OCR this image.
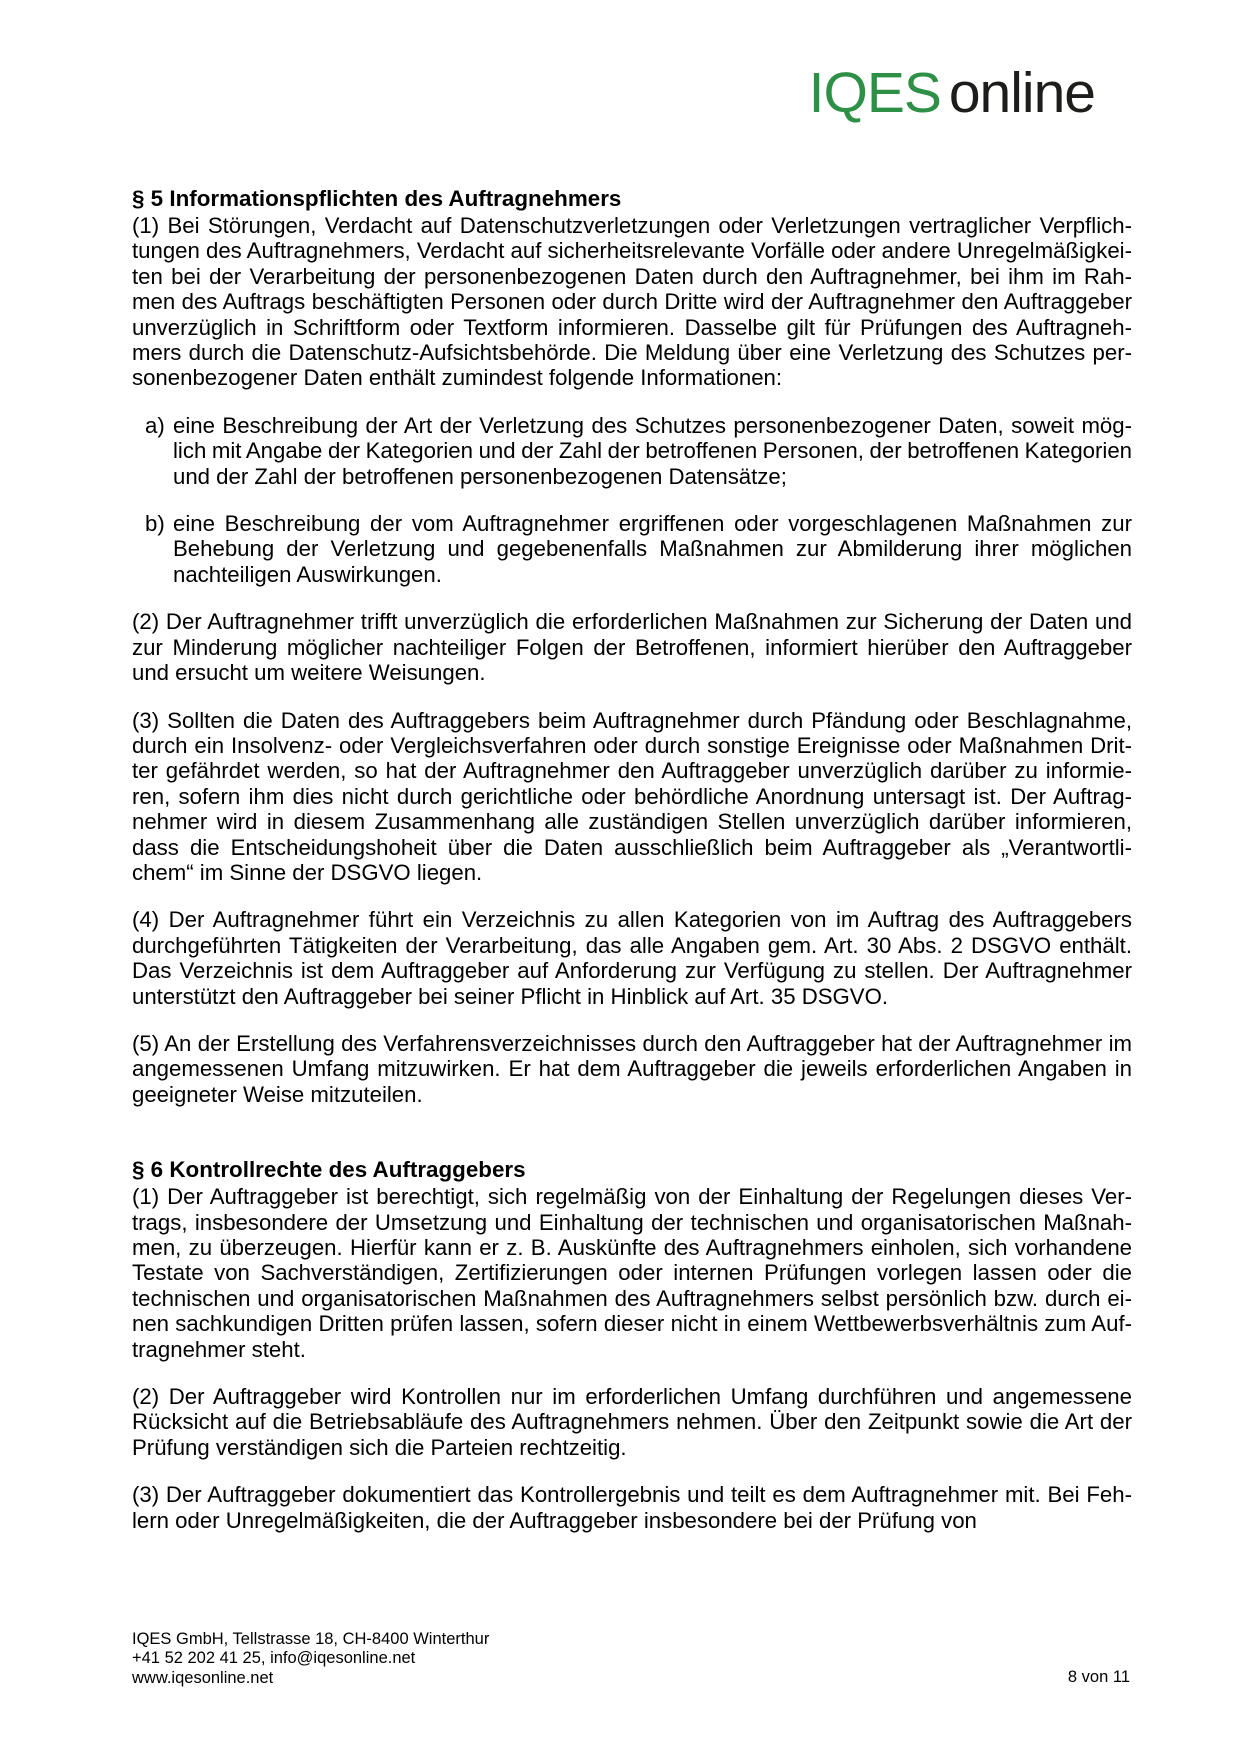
IQES online
§ 5 Informationspflichten des Auftragnehmers
(1) Bei Störungen, Verdacht auf Datenschutzverletzungen oder Verletzungen vertraglicher Verpflich-
tungen des Auftragnehmers, Verdacht auf sicherheitsrelevante Vorfälle oder andere Unregelmäßigkei-
ten bei der Verarbeitung der personenbezogenen Daten durch den Auftragnehmer, bei ihm im Rah-
men des Auftrags beschäftigten Personen oder durch Dritte wird der Auftragnehmer den Auftraggeber
unverzüglich in Schriftform oder Textform informieren. Dasselbe gilt für Prüfungen des Auftragneh-
mers durch die Datenschutz-Aufsichtsbehörde. Die Meldung über eine Verletzung des Schutzes per-
sonenbezogener Daten enthält zumindest folgende Informationen:
a) eine Beschreibung der Art der Verletzung des Schutzes personenbezogener Daten, soweit mög-
lich mit Angabe der Kategorien und der Zahl der betroffenen Personen, der betroffenen Kategorien
und der Zahl der betroffenen personenbezogenen Datensätze;
b) eine Beschreibung der vom Auftragnehmer ergriffenen oder vorgeschlagenen Maßnahmen zur
Behebung der Verletzung und gegebenenfalls Maßnahmen zur Abmilderung ihrer möglichen
nachteiligen Auswirkungen.
(2) Der Auftragnehmer trifft unverzüglich die erforderlichen Maßnahmen zur Sicherung der Daten und
zur Minderung möglicher nachteiliger Folgen der Betroffenen, informiert hierüber den Auftraggeber
und ersucht um weitere Weisungen.
(3) Sollten die Daten des Auftraggebers beim Auftragnehmer durch Pfändung oder Beschlagnahme,
durch ein Insolvenz- oder Vergleichsverfahren oder durch sonstige Ereignisse oder Maßnahmen Drit-
ter gefährdet werden, so hat der Auftragnehmer den Auftraggeber unverzüglich darüber zu informie-
ren, sofern ihm dies nicht durch gerichtliche oder behördliche Anordnung untersagt ist. Der Auftrag-
nehmer wird in diesem Zusammenhang alle zuständigen Stellen unverzüglich darüber informieren,
dass die Entscheidungshoheit über die Daten ausschließlich beim Auftraggeber als „Verantwortli-
chem“ im Sinne der DSGVO liegen.
(4) Der Auftragnehmer führt ein Verzeichnis zu allen Kategorien von im Auftrag des Auftraggebers
durchgeführten Tätigkeiten der Verarbeitung, das alle Angaben gem. Art. 30 Abs. 2 DSGVO enthält.
Das Verzeichnis ist dem Auftraggeber auf Anforderung zur Verfügung zu stellen. Der Auftragnehmer
unterstützt den Auftraggeber bei seiner Pflicht in Hinblick auf Art. 35 DSGVO.
(5) An der Erstellung des Verfahrensverzeichnisses durch den Auftraggeber hat der Auftragnehmer im
angemessenen Umfang mitzuwirken. Er hat dem Auftraggeber die jeweils erforderlichen Angaben in
geeigneter Weise mitzuteilen.
§ 6 Kontrollrechte des Auftraggebers
(1) Der Auftraggeber ist berechtigt, sich regelmäßig von der Einhaltung der Regelungen dieses Ver-
trags, insbesondere der Umsetzung und Einhaltung der technischen und organisatorischen Maßnah-
men, zu überzeugen. Hierfür kann er z. B. Auskünfte des Auftragnehmers einholen, sich vorhandene
Testate von Sachverständigen, Zertifizierungen oder internen Prüfungen vorlegen lassen oder die
technischen und organisatorischen Maßnahmen des Auftragnehmers selbst persönlich bzw. durch ei-
nen sachkundigen Dritten prüfen lassen, sofern dieser nicht in einem Wettbewerbsverhältnis zum Auf-
tragnehmer steht.
(2) Der Auftraggeber wird Kontrollen nur im erforderlichen Umfang durchführen und angemessene
Rücksicht auf die Betriebsabläufe des Auftragnehmers nehmen. Über den Zeitpunkt sowie die Art der
Prüfung verständigen sich die Parteien rechtzeitig.
(3) Der Auftraggeber dokumentiert das Kontrollergebnis und teilt es dem Auftragnehmer mit. Bei Feh-
lern oder Unregelmäßigkeiten, die der Auftraggeber insbesondere bei der Prüfung von
IQES GmbH, Tellstrasse 18, CH-8400 Winterthur
+41 52 202 41 25, info@iqesonline.net
www.iqesonline.net	8 von 11
